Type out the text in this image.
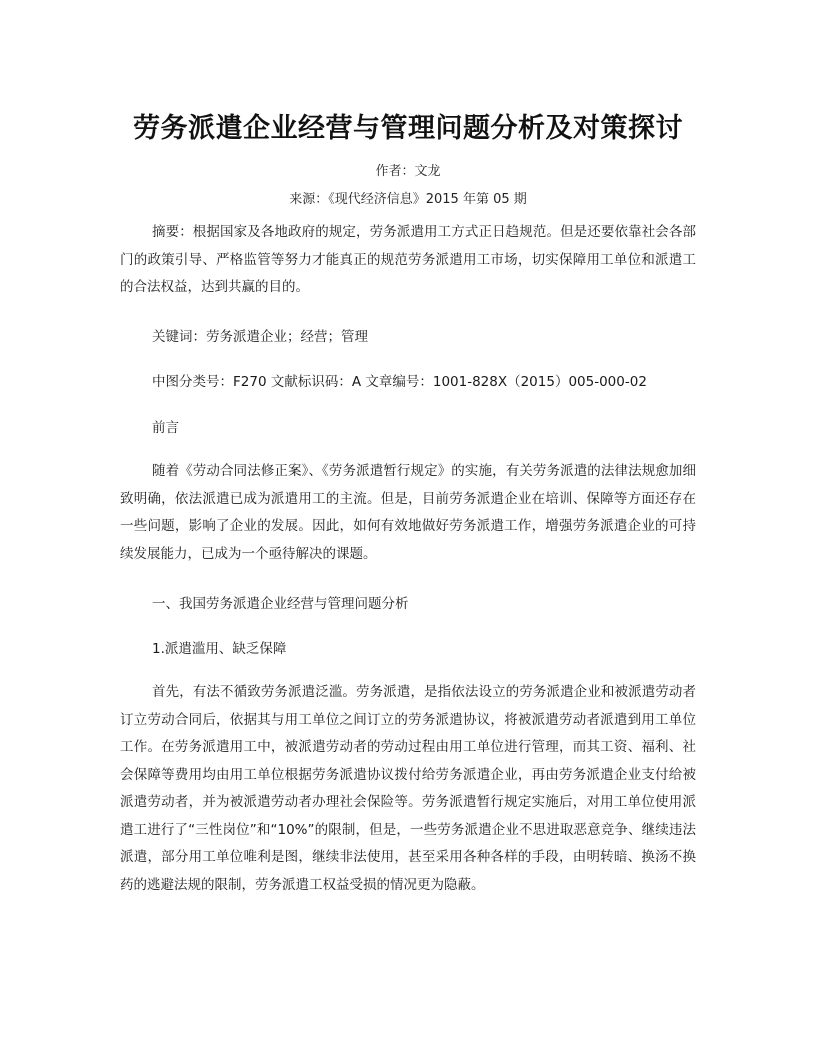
劳务派遣企业经营与管理问题分析及对策探讨
作者：文龙
来源：《现代经济信息》2015 年第 05 期

摘要：根据国家及各地政府的规定，劳务派遣用工方式正日趋规范。但是还要依靠社会各部门的政策引导、严格监管等努力才能真正的规范劳务派遣用工市场，切实保障用工单位和派遣工的合法权益，达到共赢的目的。

关键词：劳务派遣企业；经营；管理
中图分类号：F270 文献标识码：A 文章编号：1001-828X（2015）005-000-02
前言

随着《劳动合同法修正案》、《劳务派遣暂行规定》的实施，有关劳务派遣的法律法规愈加细致明确，依法派遣已成为派遣用工的主流。但是，目前劳务派遣企业在培训、保障等方面还存在一些问题，影响了企业的发展。因此，如何有效地做好劳务派遣工作，增强劳务派遣企业的可持续发展能力，已成为一个亟待解决的课题。

一、我国劳务派遣企业经营与管理问题分析
1.派遣滥用、缺乏保障

首先，有法不循致劳务派遣泛滥。劳务派遣，是指依法设立的劳务派遣企业和被派遣劳动者订立劳动合同后，依据其与用工单位之间订立的劳务派遣协议，将被派遣劳动者派遣到用工单位工作。在劳务派遣用工中，被派遣劳动者的劳动过程由用工单位进行管理，而其工资、福利、社会保障等费用均由用工单位根据劳务派遣协议拨付给劳务派遣企业，再由劳务派遣企业支付给被派遣劳动者，并为被派遣劳动者办理社会保险等。劳务派遣暂行规定实施后，对用工单位使用派遣工进行了“三性岗位”和“10%”的限制，但是，一些劳务派遣企业不思进取恶意竞争、继续违法派遣，部分用工单位唯利是图，继续非法使用，甚至采用各种各样的手段，由明转暗、换汤不换药的逃避法规的限制，劳务派遣工权益受损的情况更为隐蔽。
